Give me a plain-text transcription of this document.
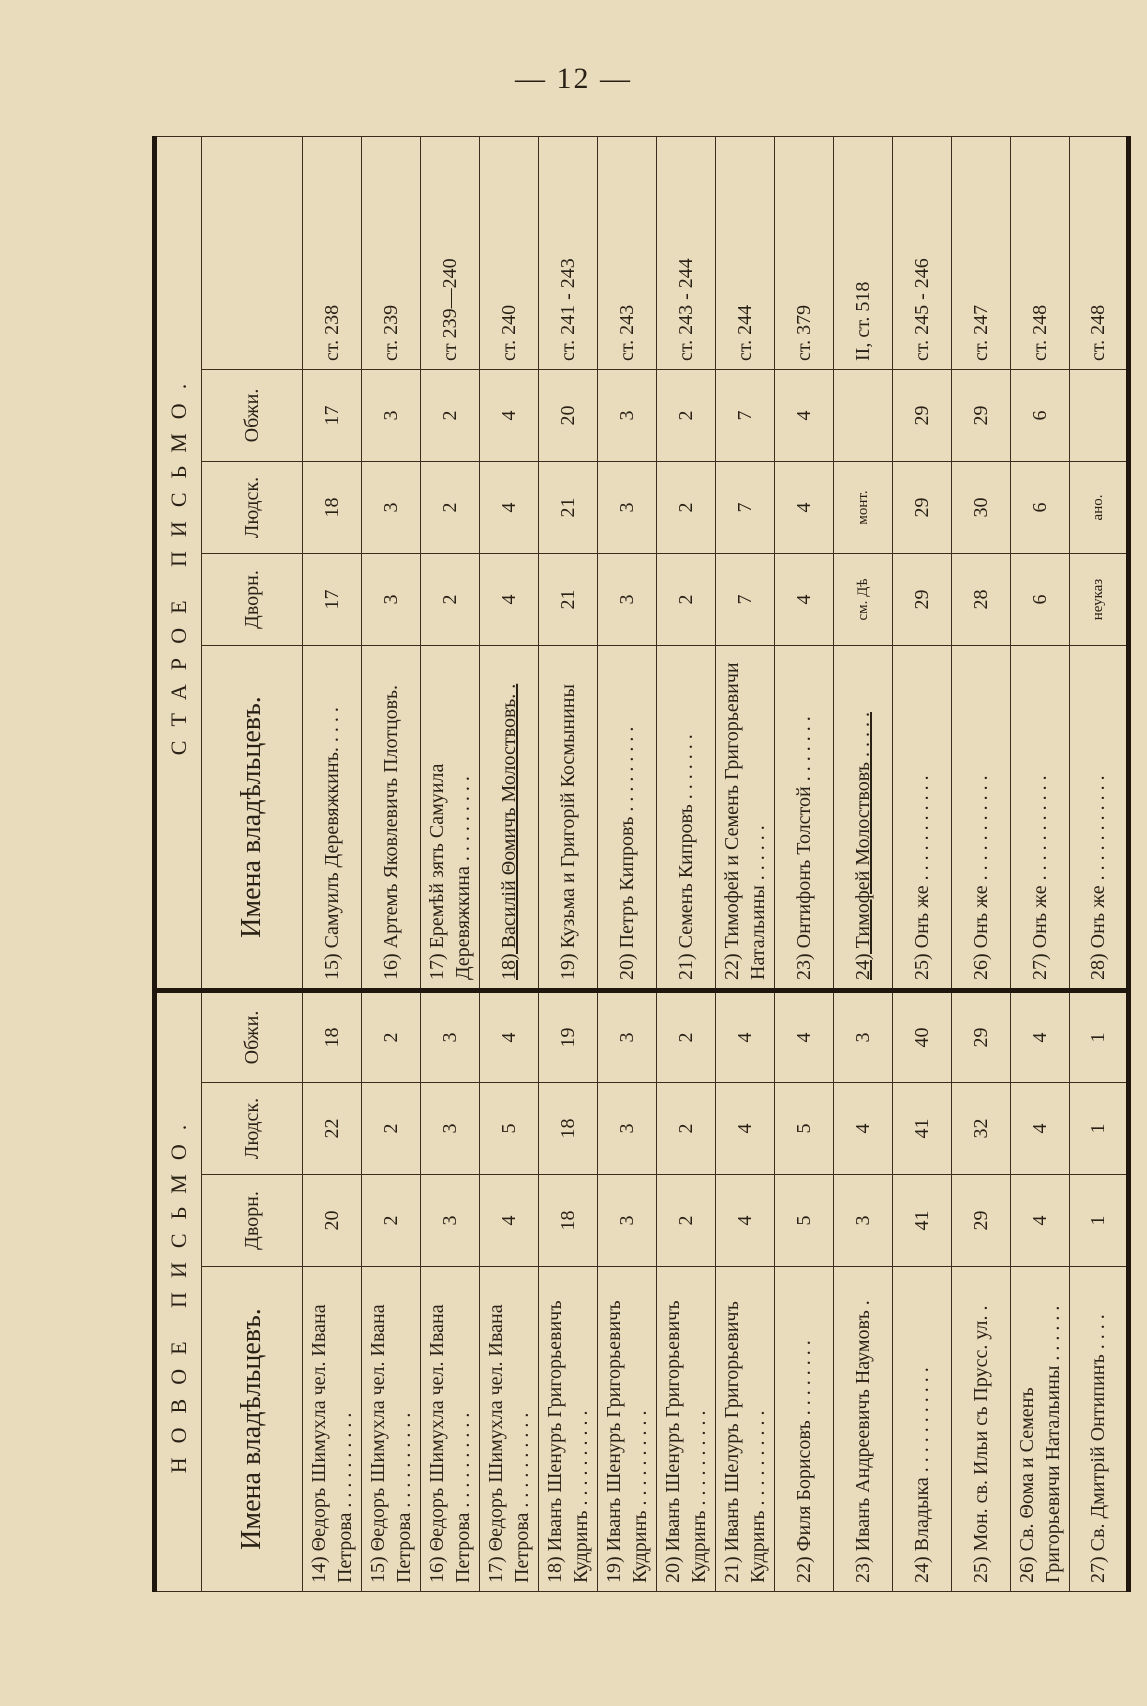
— 12 —
НОВОЕ ПИСЬМО.				СТАРОЕ ПИСЬМО.				
Имена владѣльцевъ.	Дворн.	Людск.	Обжи.	Имена владѣльцевъ.	Дворн.	Людск.	Обжи.	
14) Θедоръ Шимухла чел. Ивана Петрова . . . . . . . . . .	20	22	18	15) Самуилъ Деревяжкинъ. . . . .	17	18	17	ст. 238
15) Θедоръ Шимухла чел. Ивана Петрова . . . . . . . . . .	2	2	2	16) Артемъ Яковлевичъ Плотцовъ.	3	3	3	ст. 239
16) Θедоръ Шимухла чел. Ивана Петрова . . . . . . . . . .	3	3	3	17) Еремѣй зять Самуила Деревяжкина . . . . . . . . .	2	2	2	ст 239—240
17) Θедоръ Шимухла чел. Ивана Петрова . . . . . . . . . .	4	5	4	18) Василій Θомичъ Молоствовъ. .	4	4	4	ст. 240
18) Иванъ Шенуръ Григорьевичъ Кудринъ . . . . . . . . . .	18	18	19	19) Кузьма и Григорій Космынины	21	21	20	ст. 241 - 243
19) Иванъ Шенуръ Григорьевичъ Кудринъ . . . . . . . . . .	3	3	3	20) Петръ Кипровъ . . . . . . . . .	3	3	3	ст. 243
20) Иванъ Шенуръ Григорьевичъ Кудринъ . . . . . . . . . .	2	2	2	21) Семенъ Кипровъ . . . . . . .	2	2	2	ст. 243 - 244
21) Иванъ Шелуръ Григорьевичъ Кудринъ . . . . . . . . . .	4	4	4	22) Тимофей и Семенъ Григорьевичи Натальины . . . . . .	7	7	7	ст. 244
22) Филя Борисовъ . . . . . . . .	5	5	4	23) Онтифонъ Толстой . . . . . . .	4	4	4	ст. 379
23) Иванъ Андреевичъ Наумовъ .	3	4	3	24) Тимофей Молоствовъ . . . . .	см. Дѣ	монт.		II, ст. 518
24) Владыка . . . . . . . . . . .	41	41	40	25) Онъ же . . . . . . . . . . .	29	29	29	ст. 245 - 246
25) Мон. св. Ильи съ Прусс. ул. .	29	32	29	26) Онъ же . . . . . . . . . . .	28	30	29	ст. 247
26) Св. Θома и Семенъ Григорьевичи Натальины . . . . . .	4	4	4	27) Онъ же . . . . . . . . . . .	6	6	6	ст. 248
27) Св. Дмитрій Онтипинъ . . . .	1	1	1	28) Онъ же . . . . . . . . . . .	неуказ	ано.		ст. 248
